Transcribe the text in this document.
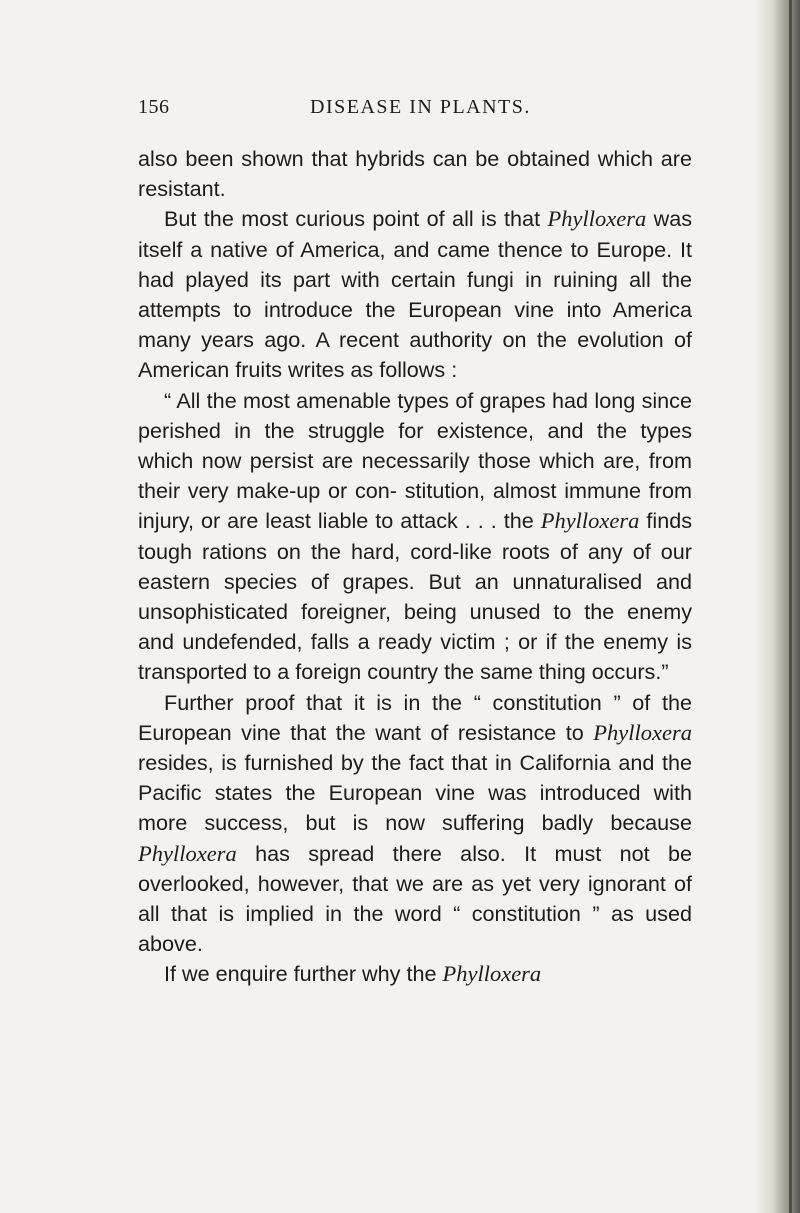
156	DISEASE IN PLANTS.

also been shown that hybrids can be obtained which are resistant.

But the most curious point of all is that Phylloxera was itself a native of America, and came thence to Europe. It had played its part with certain fungi in ruining all the attempts to introduce the European vine into America many years ago. A recent authority on the evolution of American fruits writes as follows :

“ All the most amenable types of grapes had long since perished in the struggle for existence, and the types which now persist are necessarily those which are, from their very make-up or con- stitution, almost immune from injury, or are least liable to attack . . . the Phylloxera finds tough rations on the hard, cord-like roots of any of our eastern species of grapes. But an unnaturalised and unsophisticated foreigner, being unused to the enemy and undefended, falls a ready victim ; or if the enemy is transported to a foreign country the same thing occurs.”

Further proof that it is in the “ constitution ” of the European vine that the want of resistance to Phylloxera resides, is furnished by the fact that in California and the Pacific states the European vine was introduced with more success, but is now suffering badly because Phylloxera has spread there also. It must not be overlooked, however, that we are as yet very ignorant of all that is implied in the word “ constitution ” as used above.

If we enquire further why the Phylloxera
